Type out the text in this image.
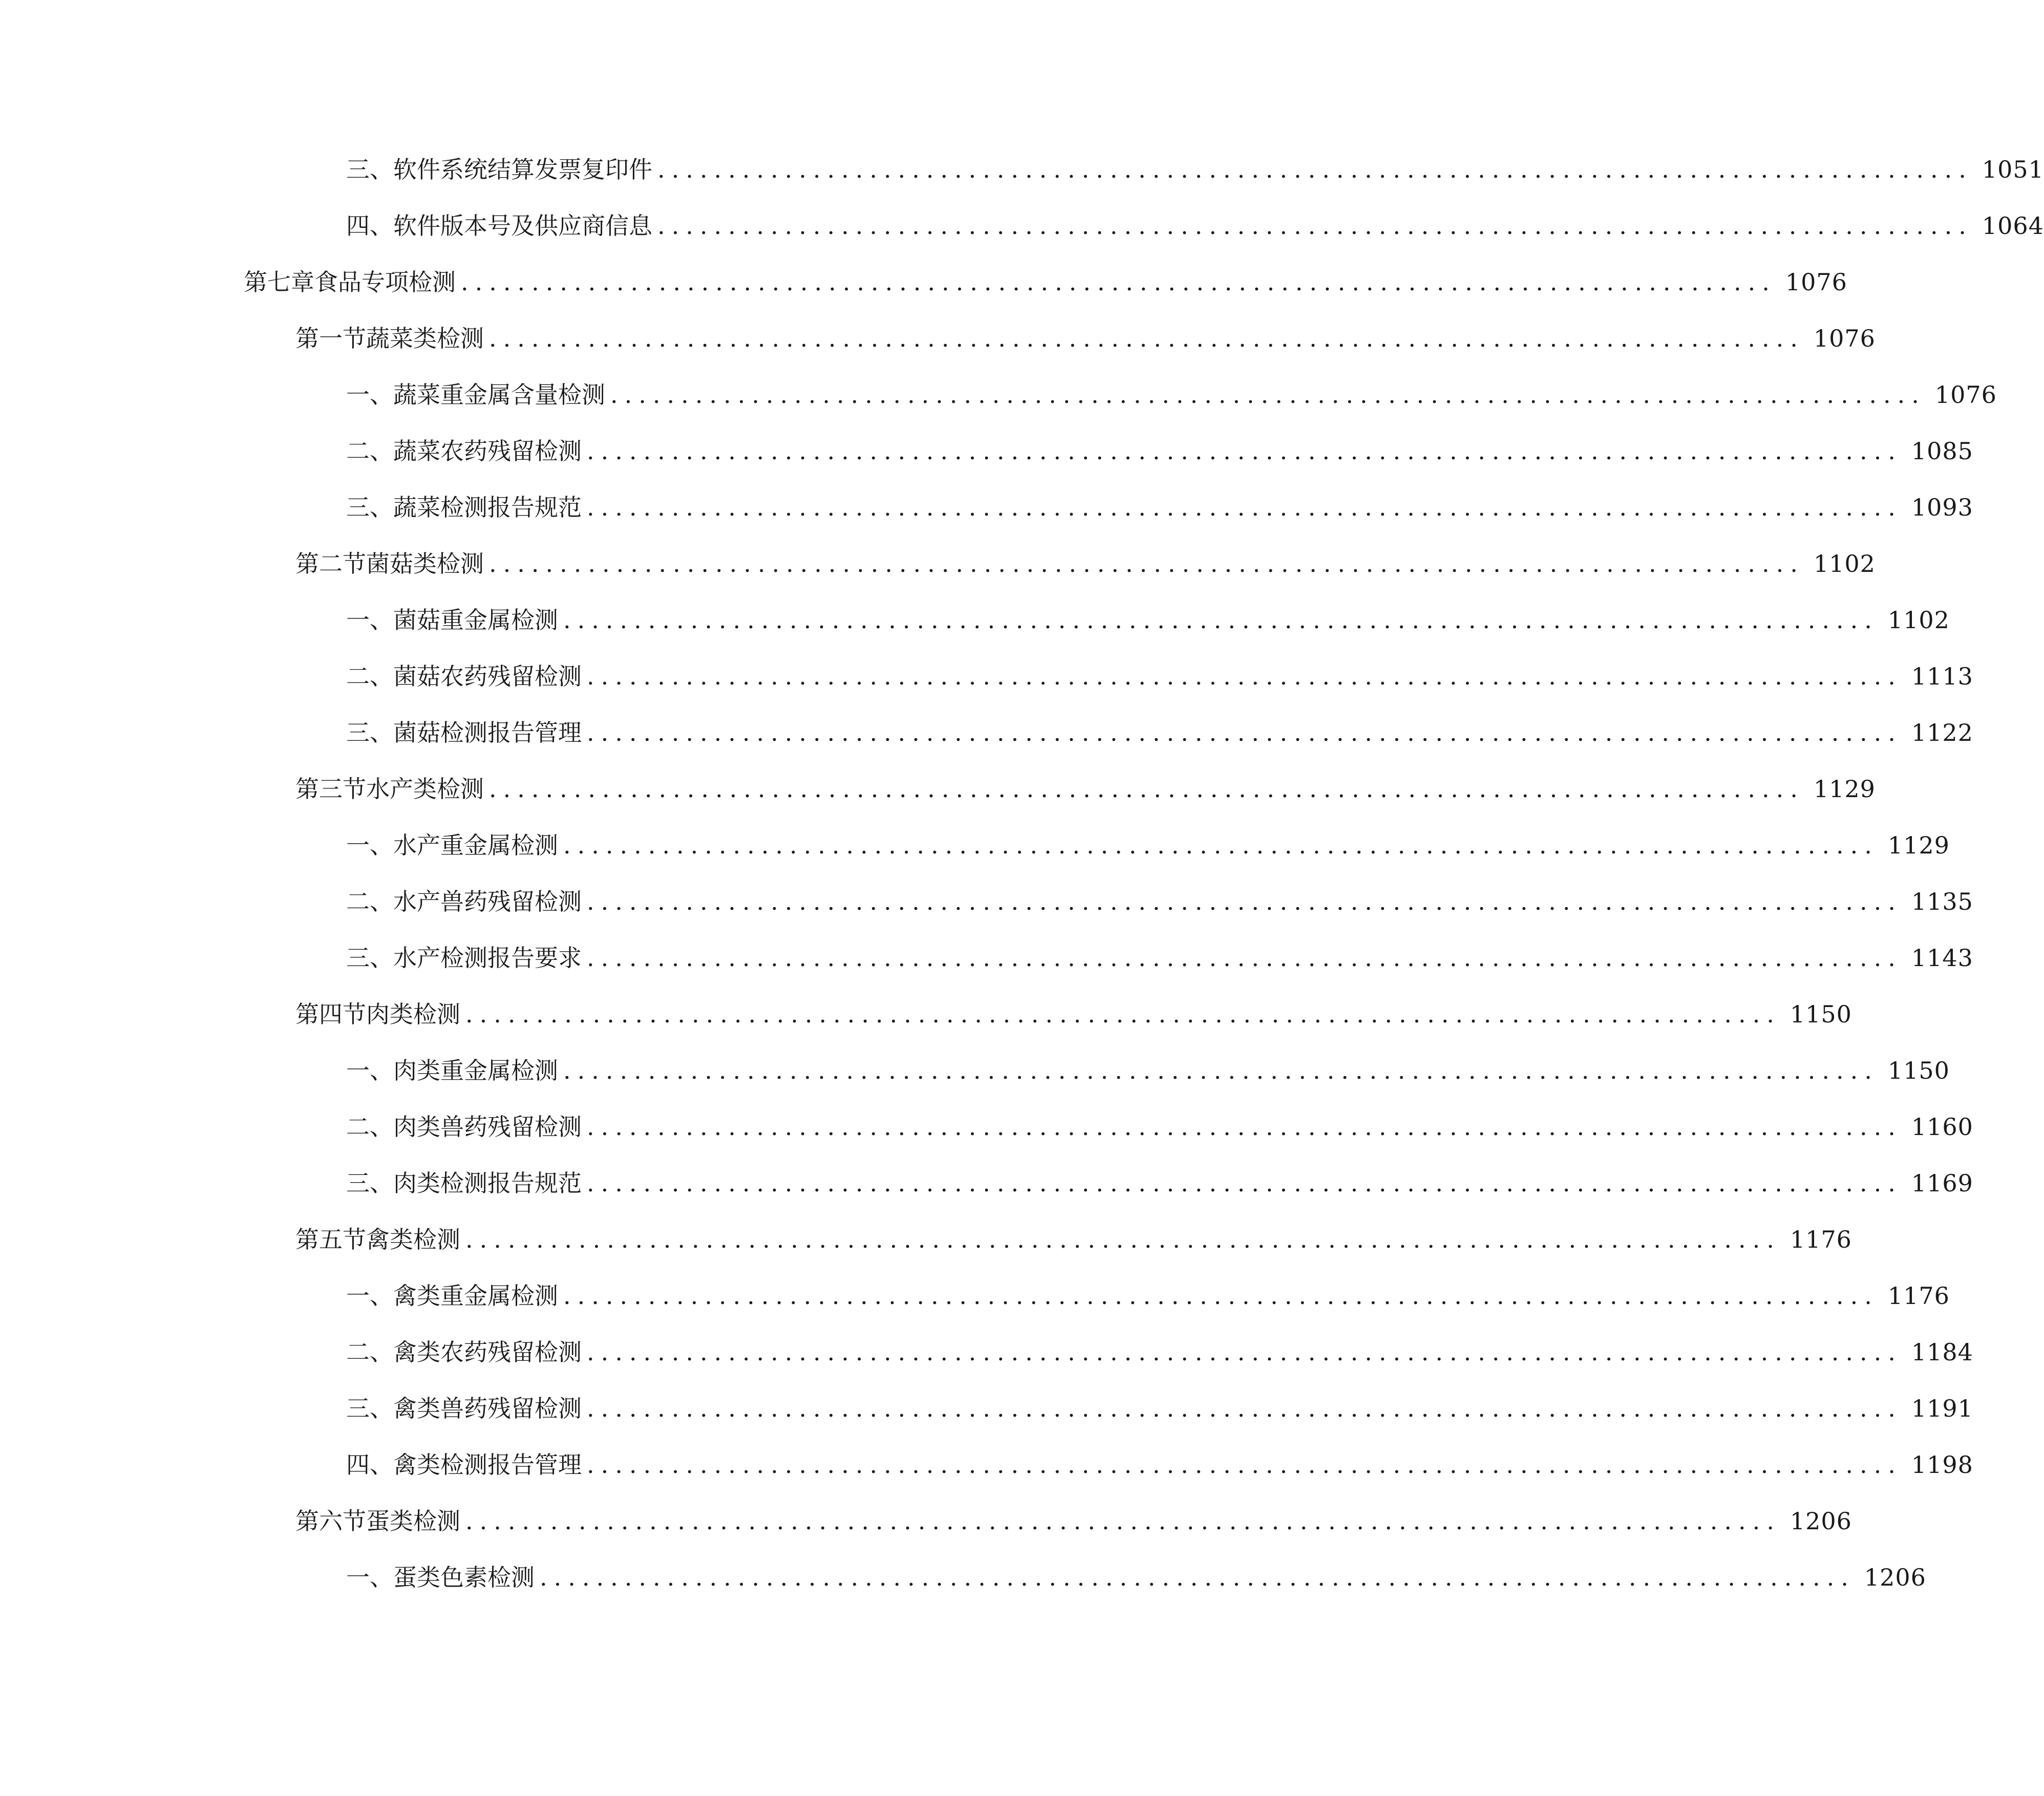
三、 软件系统结算发票复印件 ............................................................................................. 1051
四、 软件版本号及供应商信息 ............................................................................................. 1064
第七章 食品专项检测 ............................................................................................. 1076
第一节 蔬菜类检测 ............................................................................................. 1076
一、 蔬菜重金属含量检测 ............................................................................................. 1076
二、 蔬菜农药残留检测 ............................................................................................. 1085
三、 蔬菜检测报告规范 ............................................................................................. 1093
第二节 菌菇类检测 ............................................................................................. 1102
一、 菌菇重金属检测 ............................................................................................. 1102
二、 菌菇农药残留检测 ............................................................................................. 1113
三、 菌菇检测报告管理 ............................................................................................. 1122
第三节 水产类检测 ............................................................................................. 1129
一、 水产重金属检测 ............................................................................................. 1129
二、 水产兽药残留检测 ............................................................................................. 1135
三、 水产检测报告要求 ............................................................................................. 1143
第四节 肉类检测 ............................................................................................. 1150
一、 肉类重金属检测 ............................................................................................. 1150
二、 肉类兽药残留检测 ............................................................................................. 1160
三、 肉类检测报告规范 ............................................................................................. 1169
第五节 禽类检测 ............................................................................................. 1176
一、 禽类重金属检测 ............................................................................................. 1176
二、 禽类农药残留检测 ............................................................................................. 1184
三、 禽类兽药残留检测 ............................................................................................. 1191
四、 禽类检测报告管理 ............................................................................................. 1198
第六节 蛋类检测 ............................................................................................. 1206
一、 蛋类色素检测 ............................................................................................. 1206
